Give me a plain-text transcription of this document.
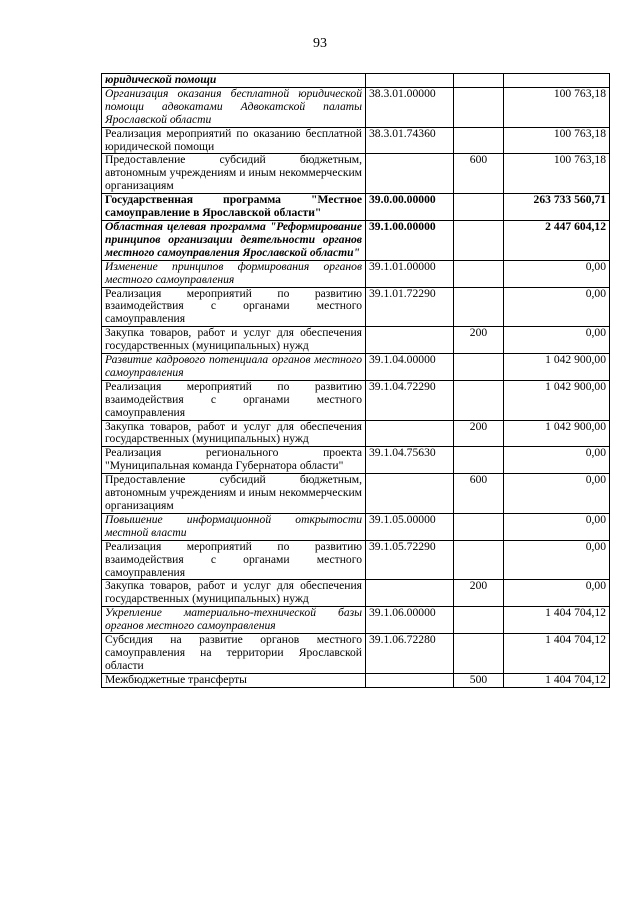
93
юридической помощи			
Организация оказания бесплатной юридической помощи адвокатами Адвокатской палаты Ярославской области	38.3.01.00000		100 763,18
Реализация мероприятий по оказанию бесплатной юридической помощи	38.3.01.74360		100 763,18
Предоставление субсидий бюджетным, автономным учреждениям и иным некоммерческим организациям		600	100 763,18
Государственная программа "Местное самоуправление в Ярославской области"	39.0.00.00000		263 733 560,71
Областная целевая программа "Реформирование принципов организации деятельности органов местного самоуправления Ярославской области"	39.1.00.00000		2 447 604,12
Изменение принципов формирования органов местного самоуправления	39.1.01.00000		0,00
Реализация мероприятий по развитию взаимодействия с органами местного самоуправления	39.1.01.72290		0,00
Закупка товаров, работ и услуг для обеспечения государственных (муниципальных) нужд		200	0,00
Развитие кадрового потенциала органов местного самоуправления	39.1.04.00000		1 042 900,00
Реализация мероприятий по развитию взаимодействия с органами местного самоуправления	39.1.04.72290		1 042 900,00
Закупка товаров, работ и услуг для обеспечения государственных (муниципальных) нужд		200	1 042 900,00
Реализация регионального проекта "Муниципальная команда Губернатора области"	39.1.04.75630		0,00
Предоставление субсидий бюджетным, автономным учреждениям и иным некоммерческим организациям		600	0,00
Повышение информационной открытости местной власти	39.1.05.00000		0,00
Реализация мероприятий по развитию взаимодействия с органами местного самоуправления	39.1.05.72290		0,00
Закупка товаров, работ и услуг для обеспечения государственных (муниципальных) нужд		200	0,00
Укрепление материально-технической базы органов местного самоуправления	39.1.06.00000		1 404 704,12
Субсидия на развитие органов местного самоуправления на территории Ярославской области	39.1.06.72280		1 404 704,12
Межбюджетные трансферты		500	1 404 704,12
